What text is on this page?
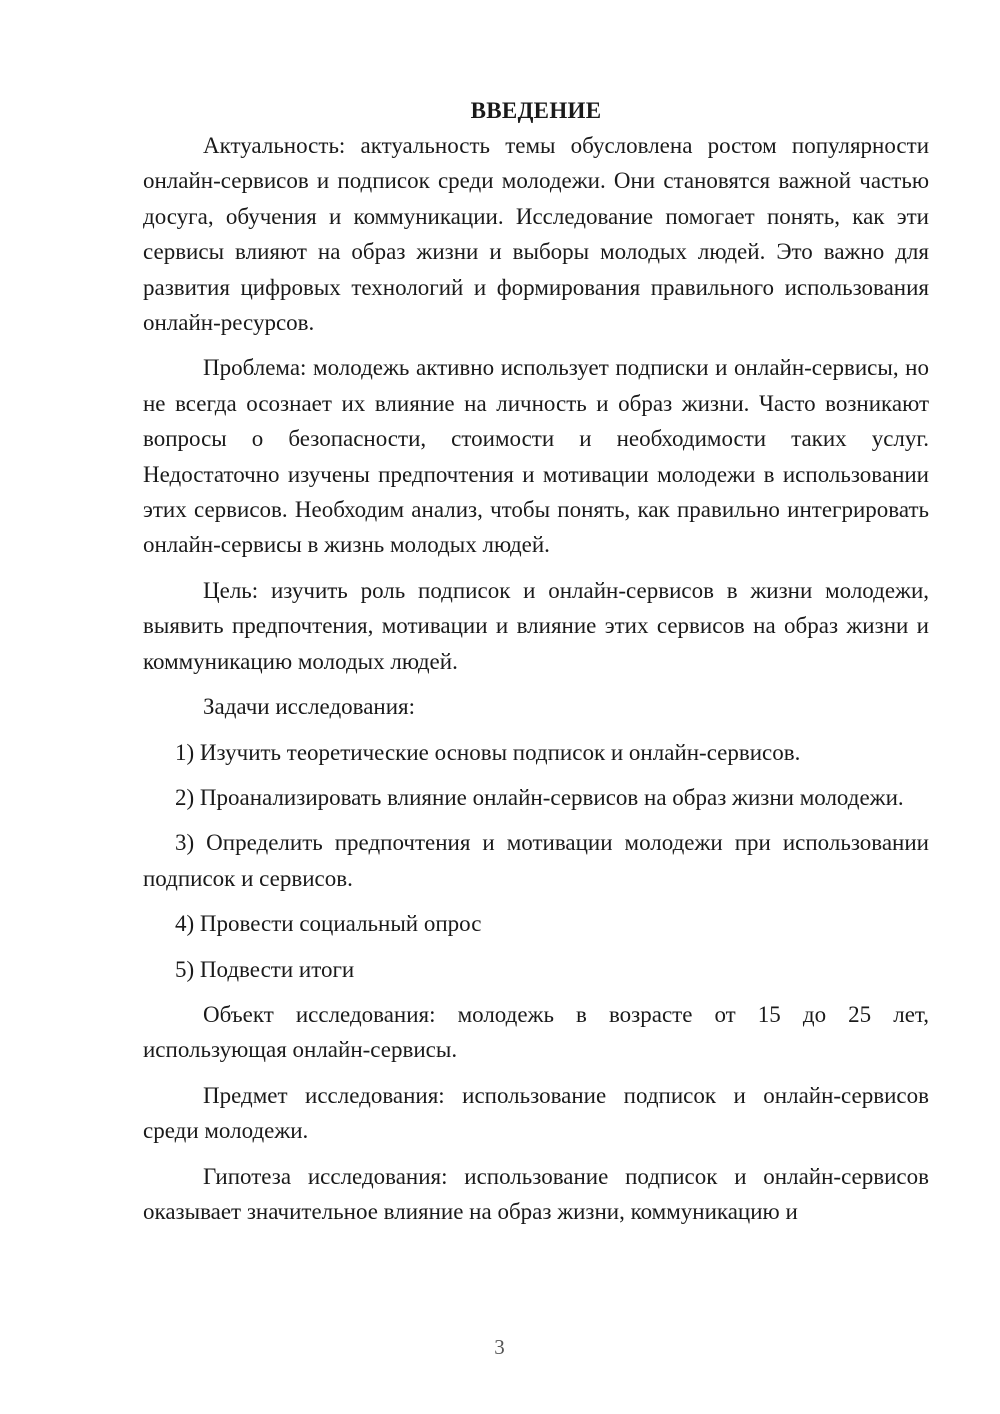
ВВЕДЕНИЕ

Актуальность: актуальность темы обусловлена ростом популярности онлайн-сервисов и подписок среди молодежи. Они становятся важной частью досуга, обучения и коммуникации. Исследование помогает понять, как эти сервисы влияют на образ жизни и выборы молодых людей. Это важно для развития цифровых технологий и формирования правильного использования онлайн-ресурсов.

Проблема: молодежь активно использует подписки и онлайн-сервисы, но не всегда осознает их влияние на личность и образ жизни. Часто возникают вопросы о безопасности, стоимости и необходимости таких услуг. Недостаточно изучены предпочтения и мотивации молодежи в использовании этих сервисов. Необходим анализ, чтобы понять, как правильно интегрировать онлайн-сервисы в жизнь молодых людей.

Цель: изучить роль подписок и онлайн-сервисов в жизни молодежи, выявить предпочтения, мотивации и влияние этих сервисов на образ жизни и коммуникацию молодых людей.

Задачи исследования:

1) Изучить теоретические основы подписок и онлайн-сервисов.

2) Проанализировать влияние онлайн-сервисов на образ жизни молодежи.

3) Определить предпочтения и мотивации молодежи при использовании подписок и сервисов.

4) Провести социальный опрос

5) Подвести итоги

Объект исследования: молодежь в возрасте от 15 до 25 лет, использующая онлайн-сервисы.

Предмет исследования: использование подписок и онлайн-сервисов среди молодежи.

Гипотеза исследования: использование подписок и онлайн-сервисов оказывает значительное влияние на образ жизни, коммуникацию и

3
